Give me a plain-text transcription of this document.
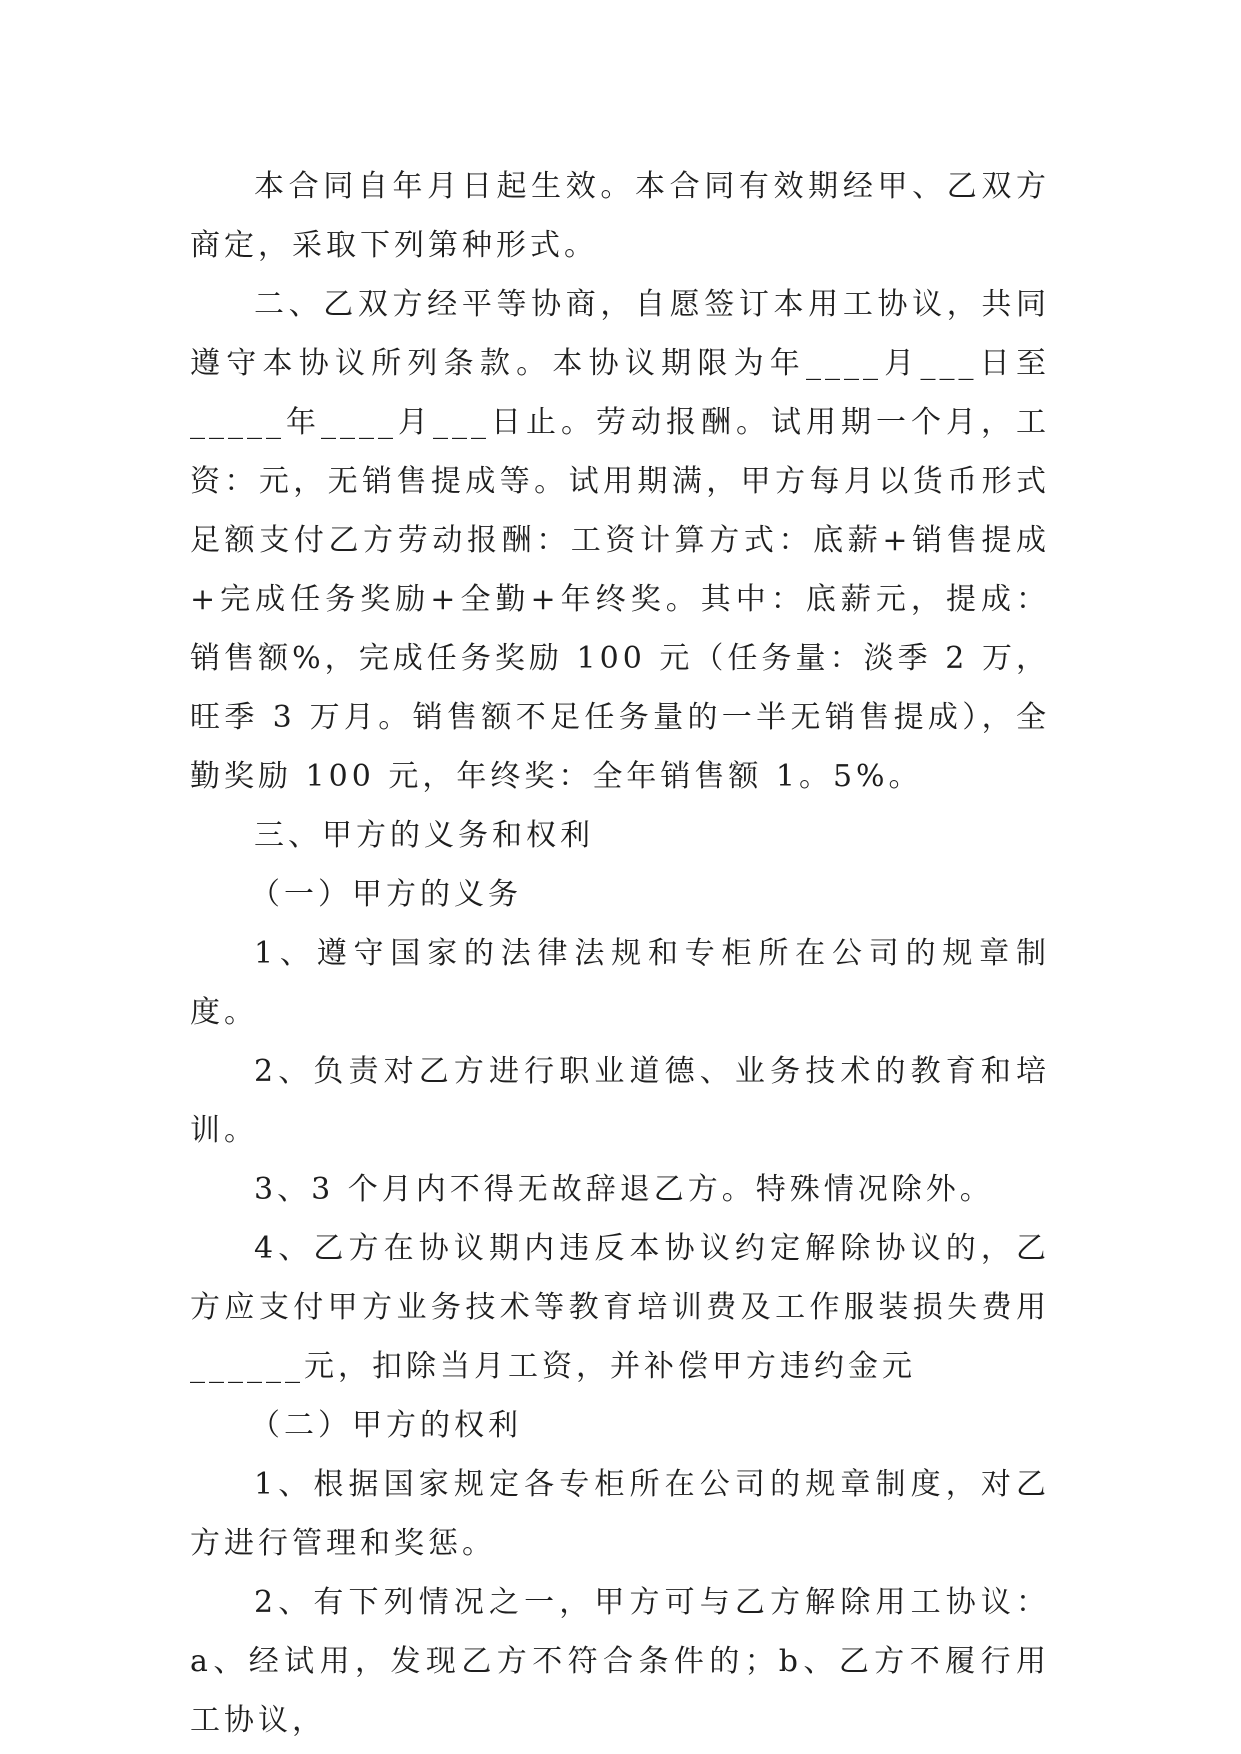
本合同自年月日起生效。本合同有效期经甲、乙双方商定，采取下列第种形式。

二、乙双方经平等协商，自愿签订本用工协议，共同遵守本协议所列条款。本协议期限为年____月___日至_____年____月___日止。劳动报酬。试用期一个月，工资：元，无销售提成等。试用期满，甲方每月以货币形式足额支付乙方劳动报酬：工资计算方式：底薪+销售提成+完成任务奖励+全勤+年终奖。其中：底薪元，提成：销售额%，完成任务奖励 100 元（任务量：淡季 2 万，旺季 3 万月。销售额不足任务量的一半无销售提成），全勤奖励 100 元，年终奖：全年销售额 1。5%。

三、甲方的义务和权利

（一）甲方的义务

1、遵守国家的法律法规和专柜所在公司的规章制度。

2、负责对乙方进行职业道德、业务技术的教育和培训。

3、3 个月内不得无故辞退乙方。特殊情况除外。

4、乙方在协议期内违反本协议约定解除协议的，乙方应支付甲方业务技术等教育培训费及工作服装损失费用______元，扣除当月工资，并补偿甲方违约金元

（二）甲方的权利

1、根据国家规定各专柜所在公司的规章制度，对乙方进行管理和奖惩。

2、有下列情况之一，甲方可与乙方解除用工协议：a、经试用，发现乙方不符合条件的；b、乙方不履行用工协议，
